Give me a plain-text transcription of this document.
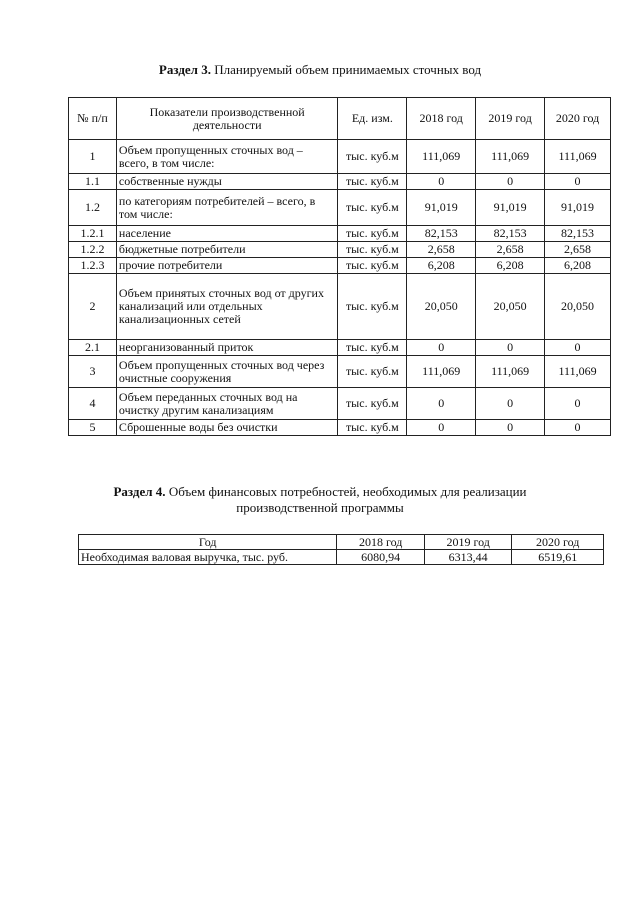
Раздел 3. Планируемый объем принимаемых сточных вод
№ п/п	Показатели производственной деятельности	Ед. изм.	2018 год	2019 год	2020 год
1	Объем пропущенных сточных вод – всего, в том числе:	тыс. куб.м	111,069	111,069	111,069
1.1	собственные нужды	тыс. куб.м	0	0	0
1.2	по категориям потребителей – всего, в том числе:	тыс. куб.м	91,019	91,019	91,019
1.2.1	население	тыс. куб.м	82,153	82,153	82,153
1.2.2	бюджетные потребители	тыс. куб.м	2,658	2,658	2,658
1.2.3	прочие потребители	тыс. куб.м	6,208	6,208	6,208
2	Объем принятых сточных вод от других канализаций или отдельных канализационных сетей	тыс. куб.м	20,050	20,050	20,050
2.1	неорганизованный приток	тыс. куб.м	0	0	0
3	Объем пропущенных сточных вод через очистные сооружения	тыс. куб.м	111,069	111,069	111,069
4	Объем переданных сточных вод на очистку другим канализациям	тыс. куб.м	0	0	0
5	Сброшенные воды без очистки	тыс. куб.м	0	0	0
Раздел 4. Объем финансовых потребностей, необходимых для реализации
производственной программы
Год	2018 год	2019 год	2020 год
Необходимая валовая выручка, тыс. руб.	6080,94	6313,44	6519,61
